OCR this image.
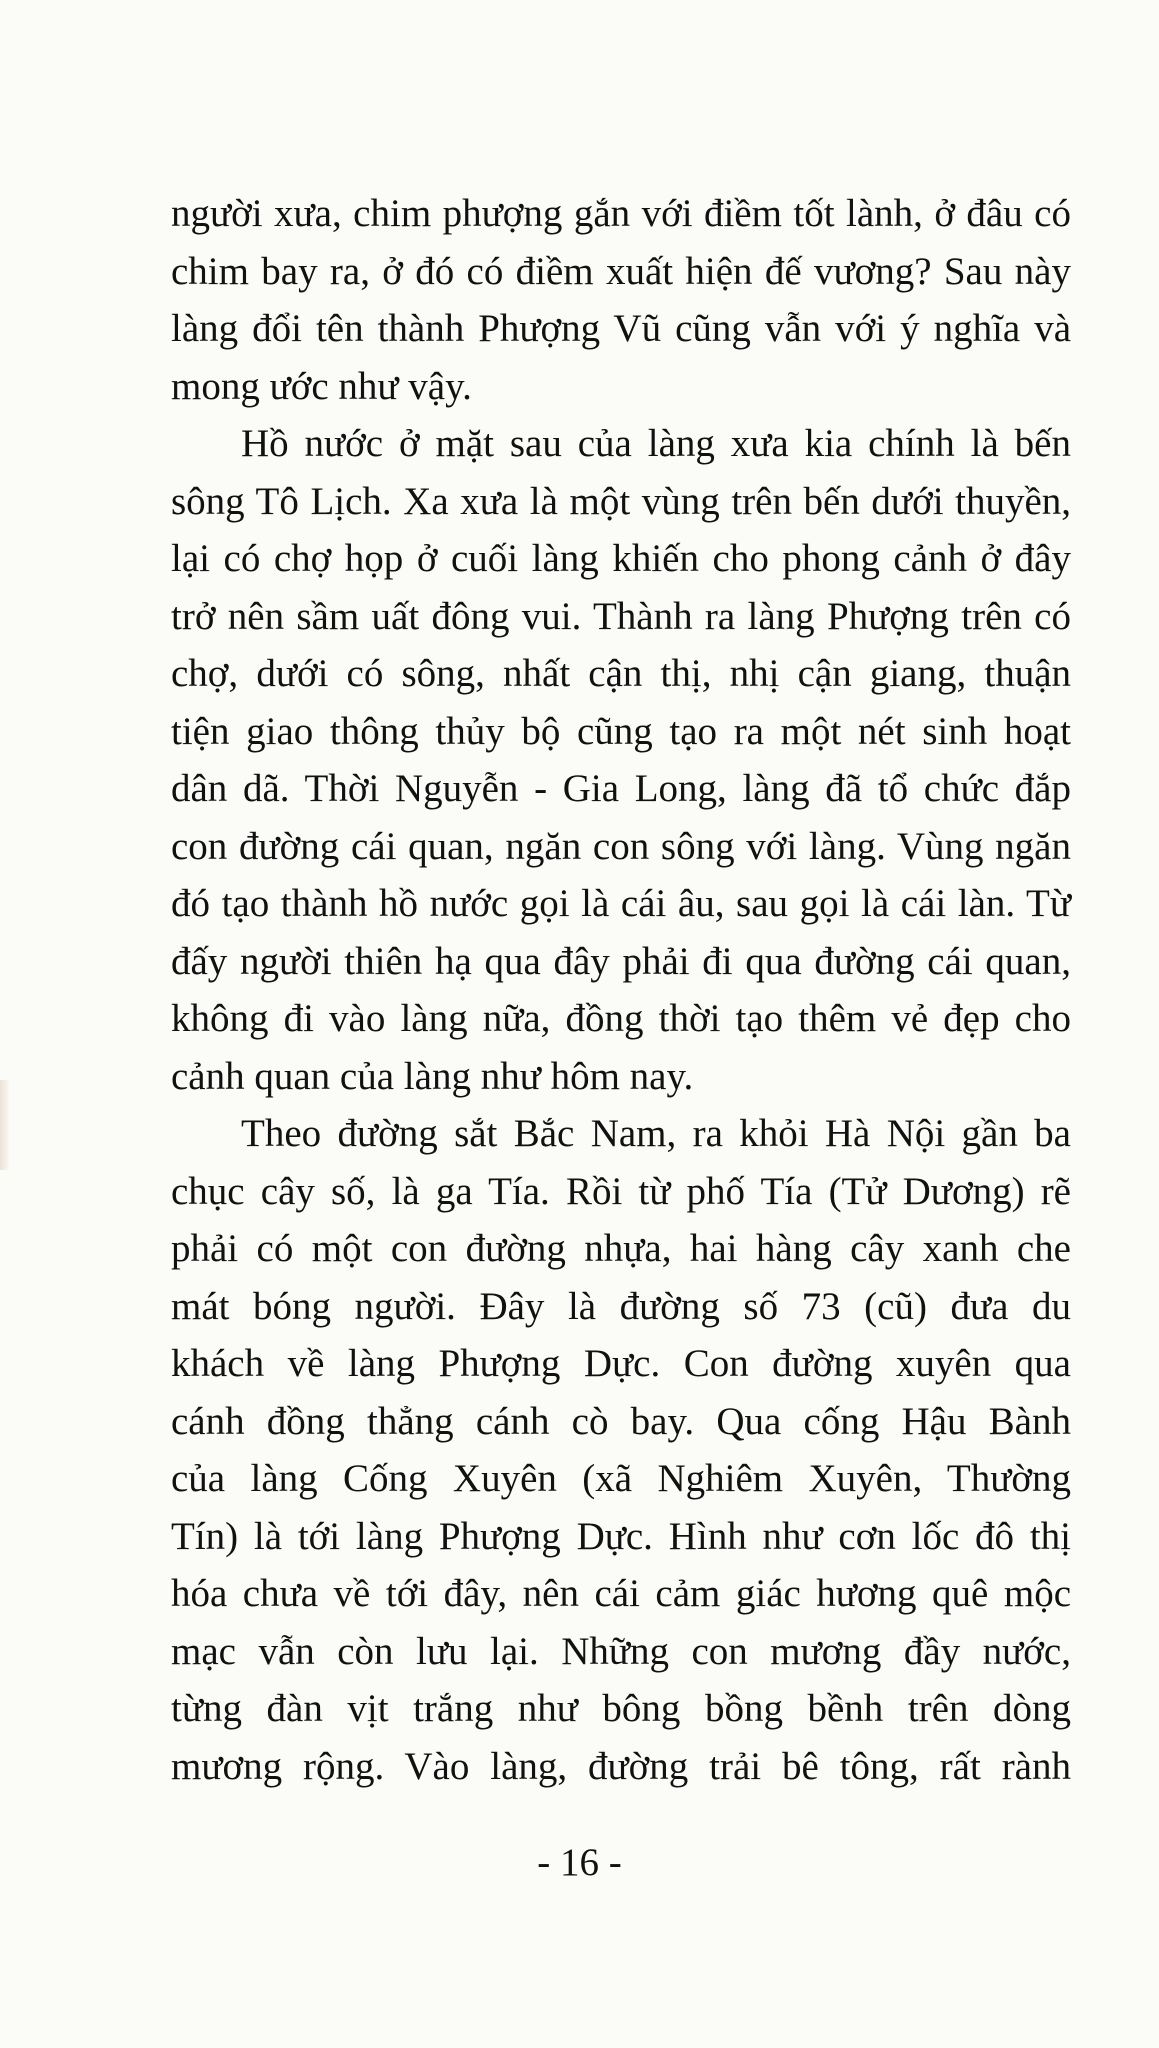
người xưa, chim phượng gắn với điềm tốt lành, ở đâu có
chim bay ra, ở đó có điềm xuất hiện đế vương? Sau này
làng đổi tên thành Phượng Vũ cũng vẫn với ý nghĩa và
mong ước như vậy.
Hồ nước ở mặt sau của làng xưa kia chính là bến
sông Tô Lịch. Xa xưa là một vùng trên bến dưới thuyền,
lại có chợ họp ở cuối làng khiến cho phong cảnh ở đây
trở nên sầm uất đông vui. Thành ra làng Phượng trên có
chợ, dưới có sông, nhất cận thị, nhị cận giang, thuận
tiện giao thông thủy bộ cũng tạo ra một nét sinh hoạt
dân dã. Thời Nguyễn - Gia Long, làng đã tổ chức đắp
con đường cái quan, ngăn con sông với làng. Vùng ngăn
đó tạo thành hồ nước gọi là cái âu, sau gọi là cái làn. Từ
đấy người thiên hạ qua đây phải đi qua đường cái quan,
không đi vào làng nữa, đồng thời tạo thêm vẻ đẹp cho
cảnh quan của làng như hôm nay.
Theo đường sắt Bắc Nam, ra khỏi Hà Nội gần ba
chục cây số, là ga Tía. Rồi từ phố Tía (Tử Dương) rẽ
phải có một con đường nhựa, hai hàng cây xanh che
mát bóng người. Đây là đường số 73 (cũ) đưa du
khách về làng Phượng Dực. Con đường xuyên qua
cánh đồng thẳng cánh cò bay. Qua cống Hậu Bành
của làng Cống Xuyên (xã Nghiêm Xuyên, Thường
Tín) là tới làng Phượng Dực. Hình như cơn lốc đô thị
hóa chưa về tới đây, nên cái cảm giác hương quê mộc
mạc vẫn còn lưu lại. Những con mương đầy nước,
từng đàn vịt trắng như bông bồng bềnh trên dòng
mương rộng. Vào làng, đường trải bê tông, rất rành
- 16 -
